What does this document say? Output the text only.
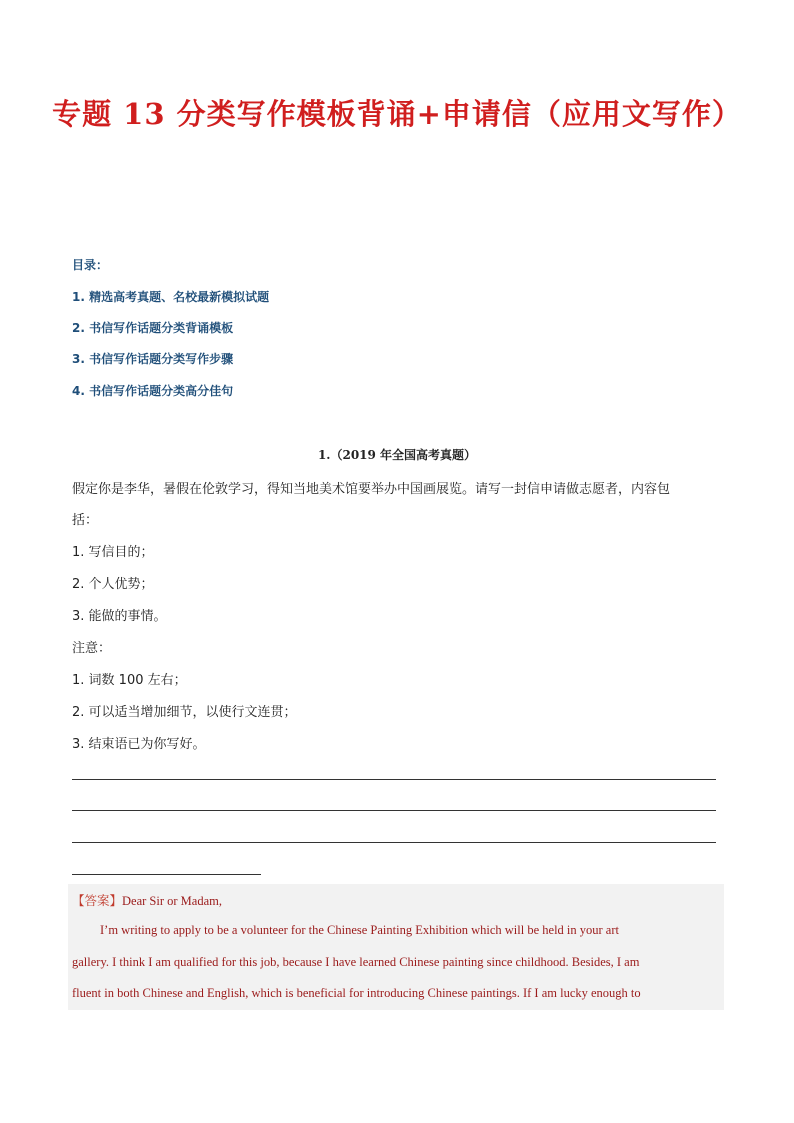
专题 13 分类写作模板背诵+申请信（应用文写作）
目录：
1. 精选高考真题、名校最新模拟试题
2. 书信写作话题分类背诵模板
3. 书信写作话题分类写作步骤
4. 书信写作话题分类高分佳句
1.（2019 年全国高考真题）
假定你是李华，暑假在伦敦学习，得知当地美术馆要举办中国画展览。请写一封信申请做志愿者，内容包
括：
1. 写信目的；
2. 个人优势；
3. 能做的事情。
注意：
1. 词数 100 左右；
2. 可以适当增加细节，以使行文连贯；
3. 结束语已为你写好。
【答案】Dear Sir or Madam,
I’m writing to apply to be a volunteer for the Chinese Painting Exhibition which will be held in your art
gallery. I think I am qualified for this job, because I have learned Chinese painting since childhood. Besides, I am
fluent in both Chinese and English, which is beneficial for introducing Chinese paintings. If I am lucky enough to
